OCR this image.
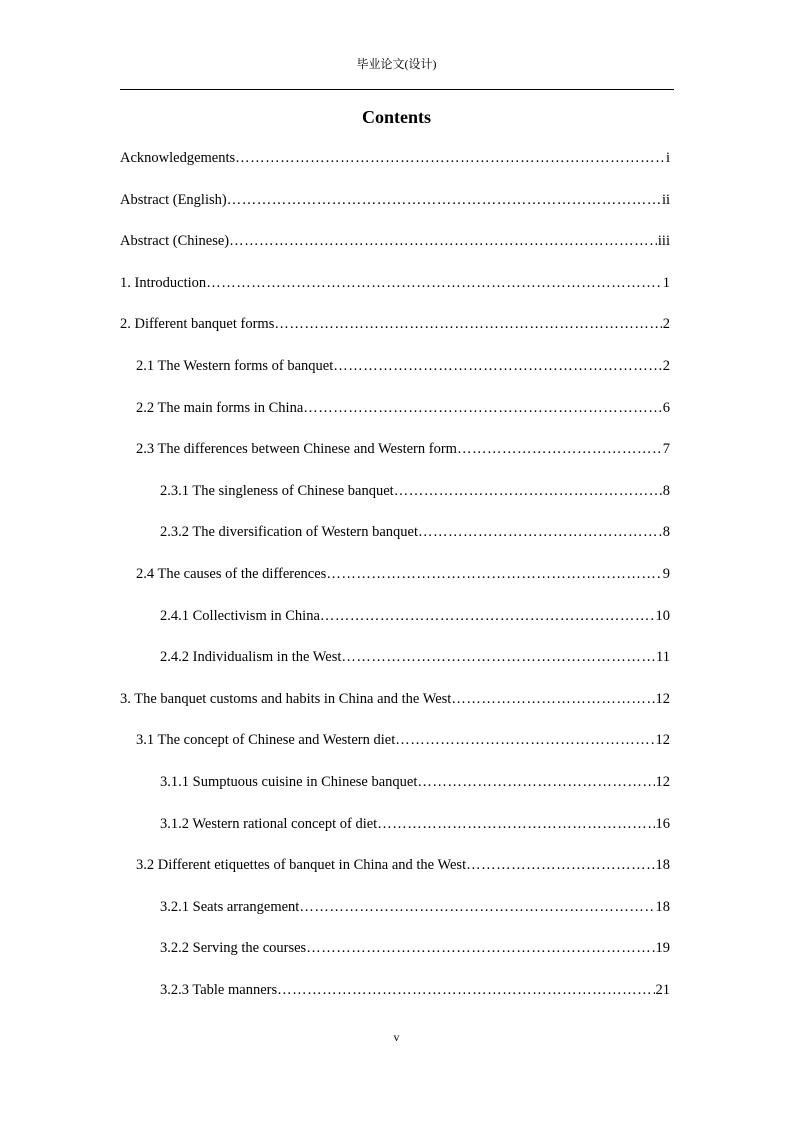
毕业论文(设计)
Contents
Acknowledgements …………………………………………………………………………………………………………………………………………	i
Abstract (English) …………………………………………………………………………………………………………………………………………	ii
Abstract (Chinese) …………………………………………………………………………………………………………………………………………	iii
1. Introduction …………………………………………………………………………………………………………………………………………	1
2. Different banquet forms …………………………………………………………………………………………………………………………………………	2
2.1 The Western forms of banquet …………………………………………………………………………………………………………………………………………	2
2.2 The main forms in China …………………………………………………………………………………………………………………………………………	6
2.3 The differences between Chinese and Western form …………………………………………………………………………………………………………………………………………	7
2.3.1 The singleness of Chinese banquet …………………………………………………………………………………………………………………………………………	8
2.3.2 The diversification of Western banquet …………………………………………………………………………………………………………………………………………	8
2.4 The causes of the differences …………………………………………………………………………………………………………………………………………	9
2.4.1 Collectivism in China …………………………………………………………………………………………………………………………………………	10
2.4.2 Individualism in the West …………………………………………………………………………………………………………………………………………	11
3. The banquet customs and habits in China and the West …………………………………………………………………………………………………………………………………………	12
3.1 The concept of Chinese and Western diet …………………………………………………………………………………………………………………………………………	12
3.1.1 Sumptuous cuisine in Chinese banquet …………………………………………………………………………………………………………………………………………	12
3.1.2 Western rational concept of diet …………………………………………………………………………………………………………………………………………	16
3.2 Different etiquettes of banquet in China and the West …………………………………………………………………………………………………………………………………………	18
3.2.1 Seats arrangement …………………………………………………………………………………………………………………………………………	18
3.2.2 Serving the courses …………………………………………………………………………………………………………………………………………	19
3.2.3 Table manners …………………………………………………………………………………………………………………………………………	21
v
